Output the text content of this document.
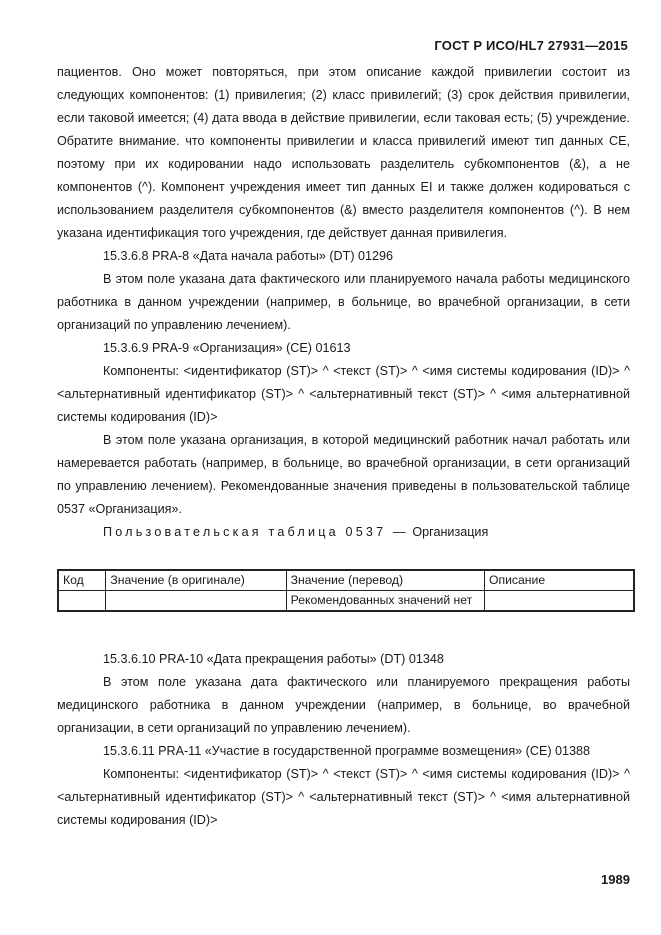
ГОСТ Р ИСО/HL7 27931—2015

пациентов. Оно может повторяться, при этом описание каждой привилегии состоит из следующих компонентов: (1) привилегия; (2) класс привилегий; (3) срок действия привилегии, если таковой имеется; (4) дата ввода в действие привилегии, если таковая есть; (5) учреждение. Обратите внимание. что компоненты привилегии и класса привилегий имеют тип данных CE, поэтому при их кодировании надо использовать разделитель субкомпонентов (&), а не компонентов (^). Компонент учреждения имеет тип данных EI и также должен кодироваться с использованием разделителя субкомпонентов (&) вместо разделителя компонентов (^). В нем указана идентификация того учреждения, где действует данная привилегия.

15.3.6.8 PRA-8 «Дата начала работы» (DT) 01296

В этом поле указана дата фактического или планируемого начала работы медицинского работника в данном учреждении (например, в больнице, во врачебной организации, в сети организаций по управлению лечением).

15.3.6.9 PRA-9 «Организация» (CE) 01613

Компоненты: <идентификатор (ST)> ^ <текст (ST)> ^ <имя системы кодирования (ID)> ^ <альтернативный идентификатор (ST)> ^ <альтернативный текст (ST)> ^ <имя альтернативной системы кодирования (ID)>

В этом поле указана организация, в которой медицинский работник начал работать или намеревается работать (например, в больнице, во врачебной организации, в сети организаций по управлению лечением). Рекомендованные значения приведены в пользовательской таблице 0537 «Организация».

Пользовательская таблица 0537 — Организация

Код	Значение (в оригинале)	Значение (перевод)	Описание
		Рекомендованных значений нет	

15.3.6.10 PRA-10 «Дата прекращения работы» (DT) 01348

В этом поле указана дата фактического или планируемого прекращения работы медицинского работника в данном учреждении (например, в больнице, во врачебной организации, в сети организаций по управлению лечением).

15.3.6.11 PRA-11 «Участие в государственной программе возмещения» (CE) 01388

Компоненты: <идентификатор (ST)> ^ <текст (ST)> ^ <имя системы кодирования (ID)> ^ <альтернативный идентификатор (ST)> ^ <альтернативный текст (ST)> ^ <имя альтернативной системы кодирования (ID)>

1989
